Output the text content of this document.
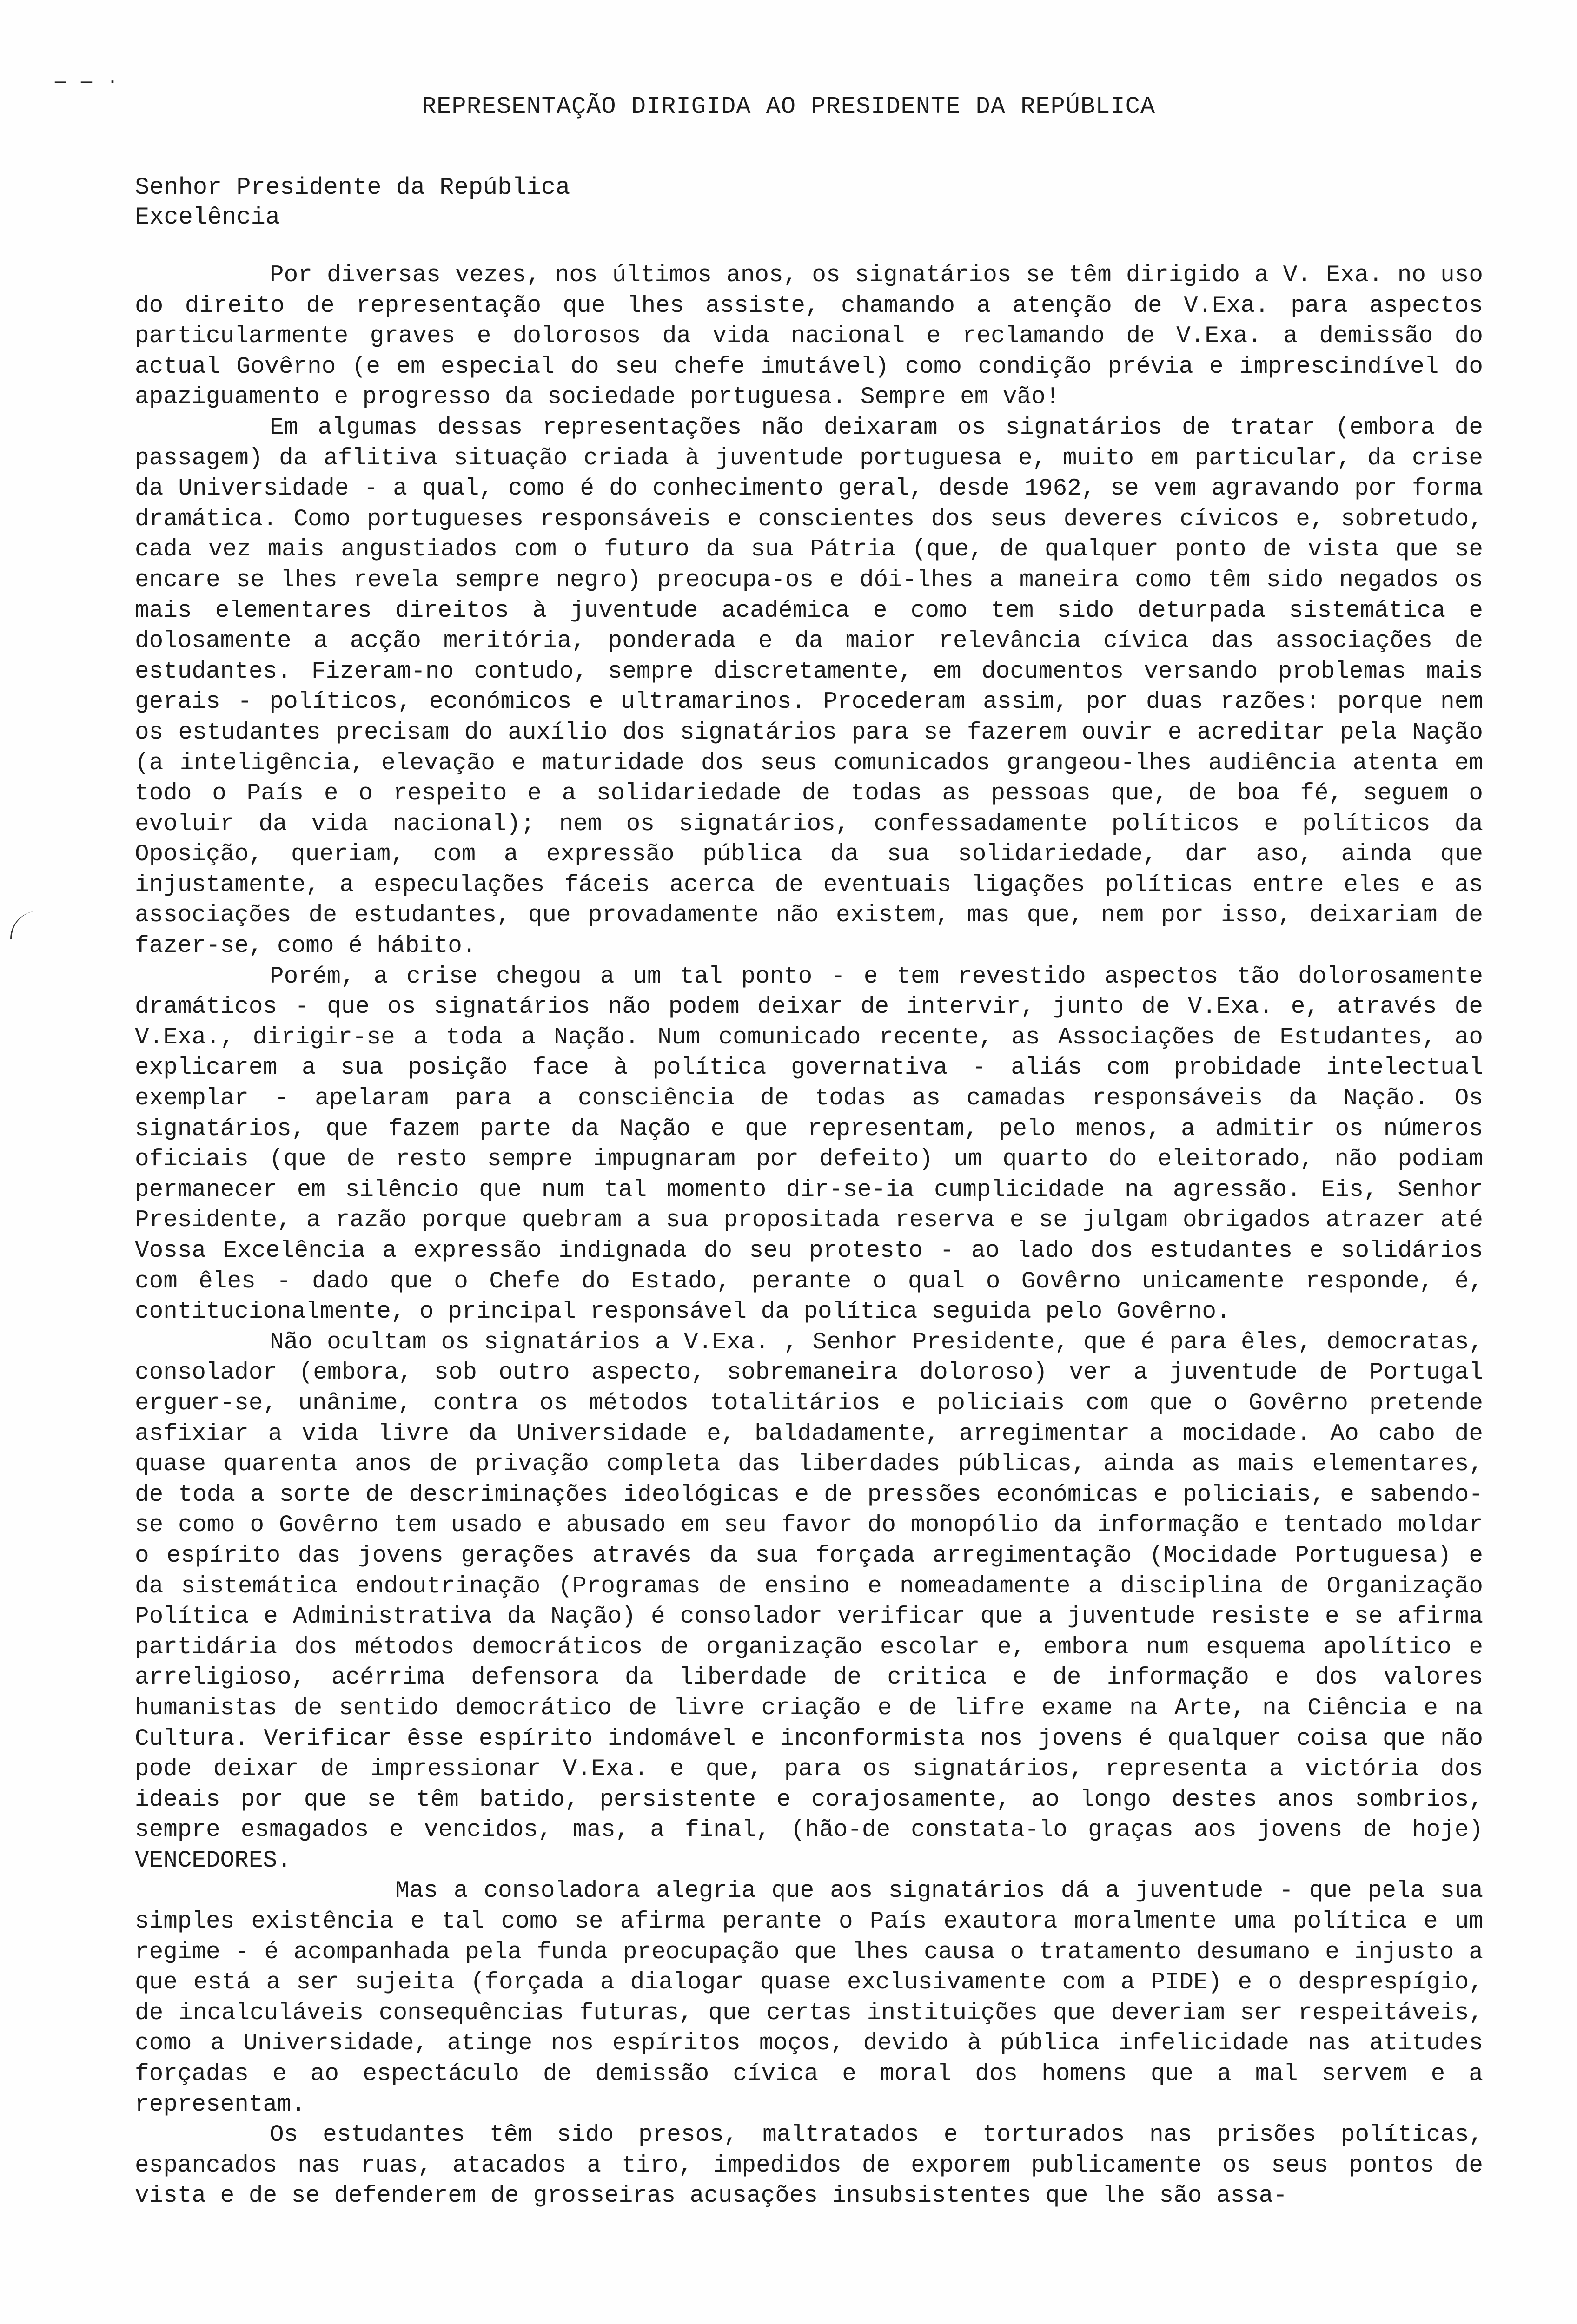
— — ·
REPRESENTAÇÃO DIRIGIDA AO PRESIDENTE DA REPÚBLICA
Senhor Presidente da República
Excelência

Por diversas vezes, nos últimos anos, os signatários se têm dirigido a V. Exa. no uso do direito de representação que lhes assiste, chamando a atenção de V.Exa. para aspectos particularmente graves e dolorosos da vida nacional e reclamando de V.Exa. a demissão do actual Govêrno (e em especial do seu chefe imutável) como condição prévia e imprescindível do apaziguamento e progresso da sociedade portuguesa. Sempre em vão!

Em algumas dessas representações não deixaram os signatários de tratar (embora de passagem) da aflitiva situação criada à juventude portuguesa e, muito em particular, da crise da Universidade - a qual, como é do conhecimento geral, desde 1962, se vem agravando por forma dramática. Como portugueses responsáveis e conscientes dos seus deveres cívicos e, sobretudo, cada vez mais angustiados com o futuro da sua Pátria (que, de qualquer ponto de vista que se encare se lhes revela sempre negro) preocupa-os e dói-lhes a maneira como têm sido negados os mais elementares direitos à juventude académica e como tem sido deturpada sistemática e dolosamente a acção meritória, ponderada e da maior relevância cívica das associações de estudantes. Fizeram-no contudo, sempre discretamente, em documentos versando problemas mais gerais - políticos, económicos e ultramarinos. Procederam assim, por duas razões: porque nem os estudantes precisam do auxílio dos signatários para se fazerem ouvir e acreditar pela Nação (a inteligência, elevação e maturidade dos seus comunicados grangeou-lhes audiência atenta em todo o País e o respeito e a solidariedade de todas as pessoas que, de boa fé, seguem o evoluir da vida nacional); nem os signatários, confessadamente políticos e políticos da Oposição, queriam, com a expressão pública da sua solidariedade, dar aso, ainda que injustamente, a especulações fáceis acerca de eventuais ligações políticas entre eles e as associações de estudantes, que provadamente não existem, mas que, nem por isso, deixariam de fazer-se, como é hábito.

Porém, a crise chegou a um tal ponto - e tem revestido aspectos tão dolorosamente dramáticos - que os signatários não podem deixar de intervir, junto de V.Exa. e, através de V.Exa., dirigir-se a toda a Nação. Num comunicado recente, as Associações de Estudantes, ao explicarem a sua posição face à política governativa - aliás com probidade intelectual exemplar - apelaram para a consciência de todas as camadas responsáveis da Nação. Os signatários, que fazem parte da Nação e que representam, pelo menos, a admitir os números oficiais (que de resto sempre impugnaram por defeito) um quarto do eleitorado, não podiam permanecer em silêncio que num tal momento dir-se-ia cumplicidade na agressão. Eis, Senhor Presidente, a razão porque quebram a sua propositada reserva e se julgam obrigados atrazer até Vossa Excelência a expressão indignada do seu protesto - ao lado dos estudantes e solidários com êles - dado que o Chefe do Estado, perante o qual o Govêrno unicamente responde, é, contitucionalmente, o principal responsável da política seguida pelo Govêrno.

Não ocultam os signatários a V.Exa. , Senhor Presidente, que é para êles, democratas, consolador (embora, sob outro aspecto, sobremaneira doloroso) ver a juventude de Portugal erguer-se, unânime, contra os métodos totalitários e policiais com que o Govêrno pretende asfixiar a vida livre da Universidade e, baldadamente, arregimentar a mocidade. Ao cabo de quase quarenta anos de privação completa das liberdades públicas, ainda as mais elementares, de toda a sorte de descriminações ideológicas e de pressões económicas e policiais, e sabendo-se como o Govêrno tem usado e abusado em seu favor do monopólio da informação e tentado moldar o espírito das jovens gerações através da sua forçada arregimentação (Mocidade Portuguesa) e da sistemática endoutrinação (Programas de ensino e nomeadamente a disciplina de Organização Política e Administrativa da Nação) é consolador verificar que a juventude resiste e se afirma partidária dos métodos democráticos de organização escolar e, embora num esquema apolítico e arreligioso, acérrima defensora da liberdade de critica e de informação e dos valores humanistas de sentido democrático de livre criação e de lifre exame na Arte, na Ciência e na Cultura. Verificar êsse espírito indomável e inconformista nos jovens é qualquer coisa que não pode deixar de impressionar V.Exa. e que, para os signatários, representa a victória dos ideais por que se têm batido, persistente e corajosamente, ao longo destes anos sombrios, sempre esmagados e vencidos, mas, a final, (hão-de constata-lo graças aos jovens de hoje) VENCEDORES.

Mas a consoladora alegria que aos signatários dá a juventude - que pela sua simples existência e tal como se afirma perante o País exautora moralmente uma política e um regime - é acompanhada pela funda preocupação que lhes causa o tratamento desumano e injusto a que está a ser sujeita (forçada a dialogar quase exclusivamente com a PIDE) e o desprespígio, de incalculáveis consequências futuras, que certas instituições que deveriam ser respeitáveis, como a Universidade, atinge nos espíritos moços, devido à pública infelicidade nas atitudes forçadas e ao espectáculo de demissão cívica e moral dos homens que a mal servem e a representam.

Os estudantes têm sido presos, maltratados e torturados nas prisões políticas, espancados nas ruas, atacados a tiro, impedidos de exporem publicamente os seus pontos de vista e de se defenderem de grosseiras acusações insubsistentes que lhe são assa-
